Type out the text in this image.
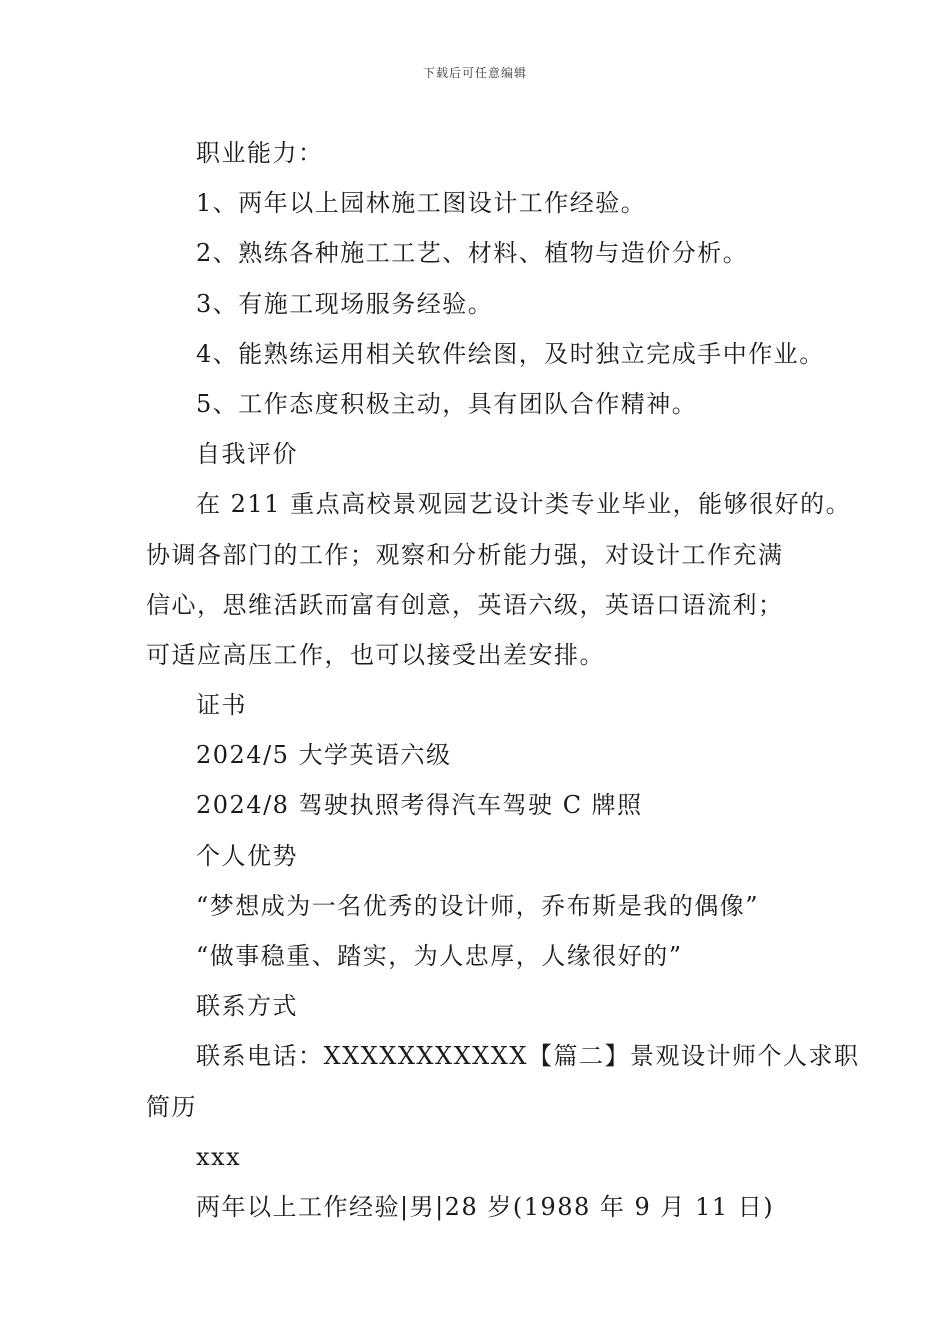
下载后可任意编辑
职业能力：
1、两年以上园林施工图设计工作经验。
2、熟练各种施工工艺、材料、植物与造价分析。
3、有施工现场服务经验。
4、能熟练运用相关软件绘图，及时独立完成手中作业。
5、工作态度积极主动，具有团队合作精神。
自我评价
在 211 重点高校景观园艺设计类专业毕业，能够很好的。
协调各部门的工作；观察和分析能力强，对设计工作充满
信心，思维活跃而富有创意，英语六级，英语口语流利；
可适应高压工作，也可以接受出差安排。
证书
2024/5 大学英语六级
2024/8 驾驶执照考得汽车驾驶 C 牌照
个人优势
“梦想成为一名优秀的设计师，乔布斯是我的偶像”
“做事稳重、踏实，为人忠厚，人缘很好的”
联系方式
联系电话：XXXXXXXXXXX【篇二】景观设计师个人求职
简历
xxx
两年以上工作经验|男|28 岁(1988 年 9 月 11 日)
